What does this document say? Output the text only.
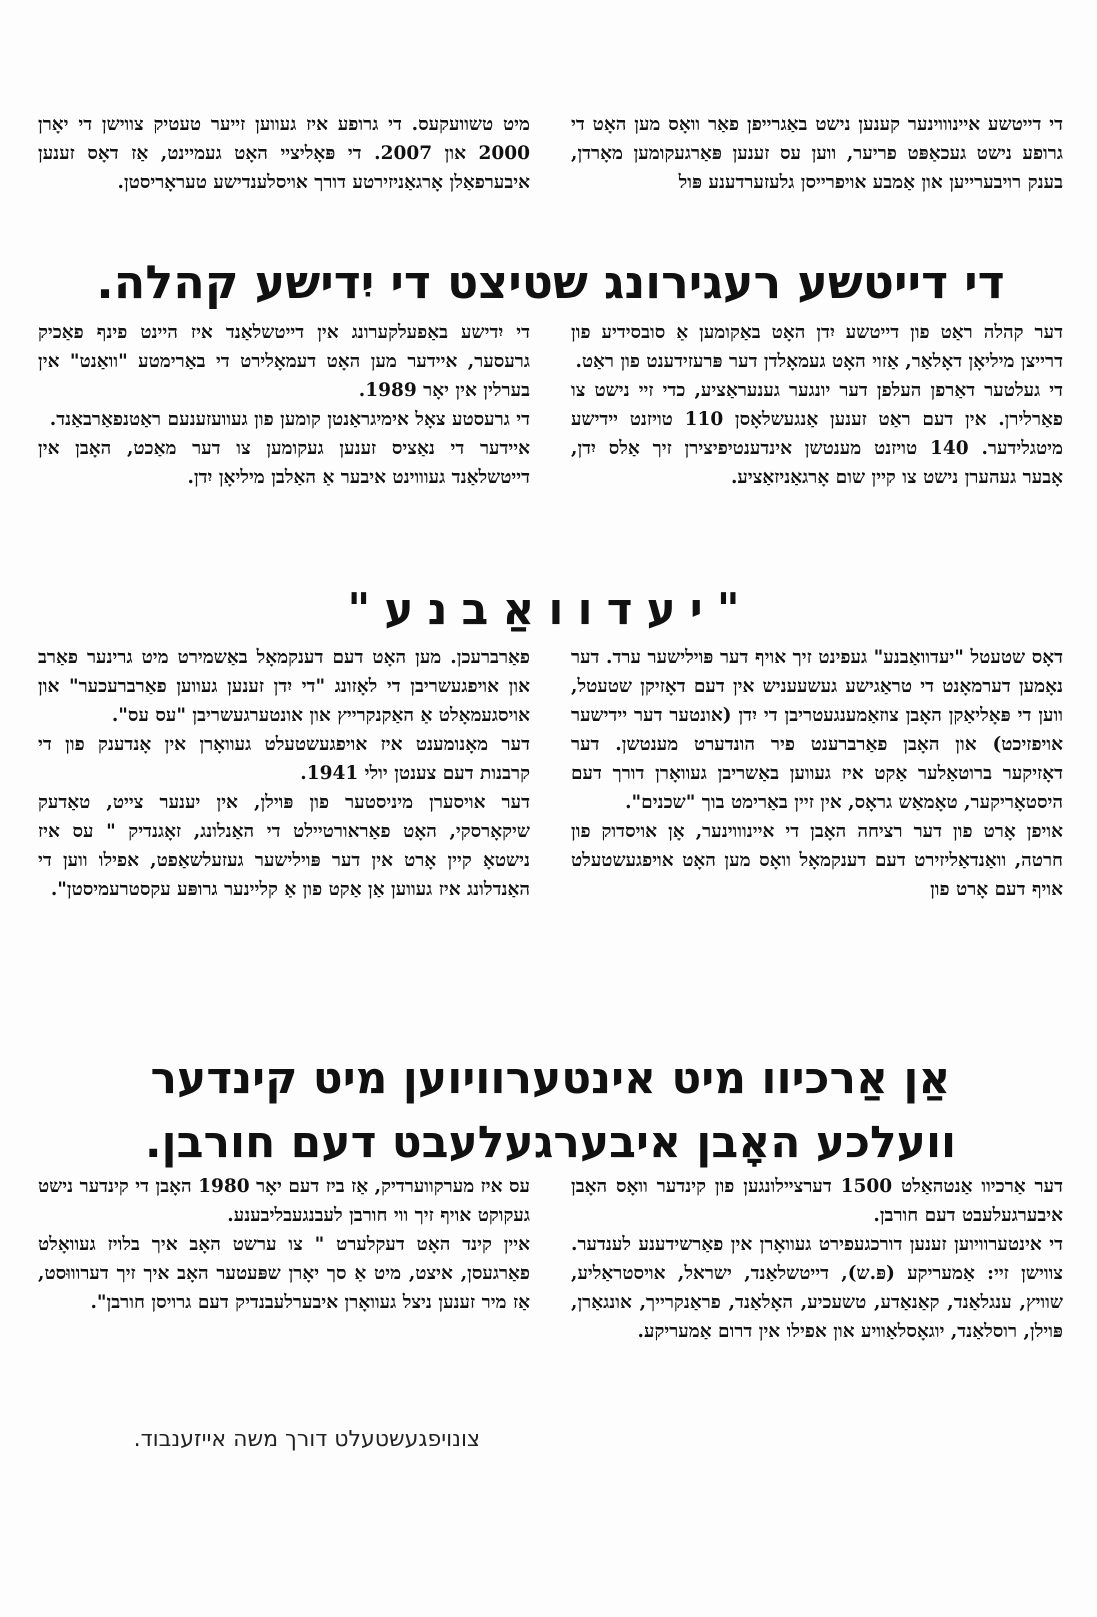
מיט טשוועקעס. די גרופע איז געווען זייער טעטיק צווישן די יאָרן 2000 און 2007. די פּאָליציי האָט געמיינט, אַז דאָס זענען איבערפאַלן אָרגאַניזירטע דורך אויסלענדישע טעראָריסטן.

די דייטשע איינוווינער קענען נישט באַגרייפן פאַר וואָס מען האָט די גרופע נישט געכאַפּט פריער, ווען עס זענען פּאַרגעקומען מאָרדן, בענק רויבערייען און אַמבע אויפרייסן גלעזערדענע פּול

די דייטשע רעגירונג שטיצט די יִדישע קהלה.

די יִדישע באַפעלקערונג אין דייטשלאַנד איז היינט פינף פאַכיק גרעסער, איידער מען האָט דעמאָלירט די באַרימטע "וואַנט" אין בערלין אין יאָר 1989.

די גרעסטע צאָל אימיגראַנטן קומען פון געוועזענעם ראַטנפאַרבאַנד.

איידער די נאַציס זענען געקומען צו דער מאַכט, האָבן אין דייטשלאַנד געוווינט איבער אַ האַלבן מיליאָן יִדן.

דער קהלה ראַט פון דייטשע יִדן האָט באַקומען אַ סובסידיע פון דרייצן מיליאָן דאָלאַר, אַזוי האָט געמאָלדן דער פּרעזידענט פון ראַט.

די געלטער דאַרפן העלפן דער יונגער גענעראַציע, כדי זיי נישט צו פאַרלירן. אין דעם ראַט זענען אַנגעשלאָסן 110 טויזנט יידישע מיטגלידער. 140 טויזנט מענטשן אינדענטיפיצירן זיך אַלס יִדן, אָבער געהערן נישט צו קיין שום אָרגאַניזאַציע.

"יעדוואַבנע"

פאַרברעכן. מען האָט דעם דענקמאָל באַשמירט מיט גרינער פאַרב און אויפגעשריבן די לאָזונג "די יִדן זענען געווען פאַרברעכער" און אויסגעמאָלט אַ האַקנקרייץ און אונטערגעשריבן "עס עס".

דער מאָנומענט איז אויפגעשטעלט געוואָרן אין אָנדענק פון די קרבנות דעם צענטן יולי 1941.

דער אויסערן מיניסטער פון פּוילן, אין יענער צייט, טאַדעק שיקאָרסקי, האָט פאַראורטיילט די האַנלונג, זאָגנדיק " עס איז נישטאָ קיין אָרט אין דער פּוילישער געזעלשאַפט, אפילו ווען די האַנדלונג איז געווען אַן אַקט פון אַ קליינער גרופּע עקסטרעמיסטן".

דאָס שטעטל "יעדוואַבנע" געפינט זיך אויף דער פּוילישער ערד. דער נאָמען דערמאָנט די טראַגישע געשעעניש אין דעם דאָזיקן שטעטל, ווען די פּאָליאַקן האָבן צוזאַמענגעטריבן די יִדן (אונטער דער יידישער אויפזיכט) און האָבן פאַרברענט פיר הונדערט מענטשן. דער דאָזיקער ברוטאַלער אַקט איז געווען באַשריבן געוואָרן דורך דעם היסטאָריקער, טאָמאַש גראָס, אין זיין באַרימט בוך "שכנים".

אויפן אָרט פון דער רציחה האָבן די איינוווינער, אָן אויסדוק פון חרטה, וואַנדאַליזירט דעם דענקמאָל וואָס מען האָט אויפגעשטעלט אויף דעם אָרט פון

אַן אַרכיוו מיט אינטערוויוען מיט קינדער
וועלכע האָבן איבערגעלעבט דעם חורבן.

עס איז מערקווערדיק, אַז ביז דעם יאָר 1980 האָבן די קינדער נישט געקוקט אויף זיך ווי חורבן לעבנגעבליבענע.

איין קינד האָט דעקלערט " צו ערשט האָב איך בלויז געוואָלט פאַרגעסן, איצט, מיט אַ סך יאָרן שפּעטער האָב איך זיך דערוווּסט, אַז מיר זענען ניצל געוואָרן איבערלעבנדיק דעם גרויסן חורבן".

דער אַרכיוו אַנטהאַלט 1500 דערציילונגען פון קינדער וואָס האָבן איבערגעלעבט דעם חורבן.

די אינטערוויוען זענען דורכגעפירט געוואָרן אין פאַרשידענע לענדער. צווישן זיי: אַמעריקע (פּ.ש), דייטשלאַנד, ישראל, אויסטראַליע, שוויץ, ענגלאַנד, קאַנאַדע, טשעכיע, האָלאַנד, פראַנקרייך, אונגאַרן, פּוילן, רוסלאַנד, יוגאָסלאַוויע און אפילו אין דרום אַמעריקע.

צונויפגעשטעלט דורך משה אייזענבוד.
